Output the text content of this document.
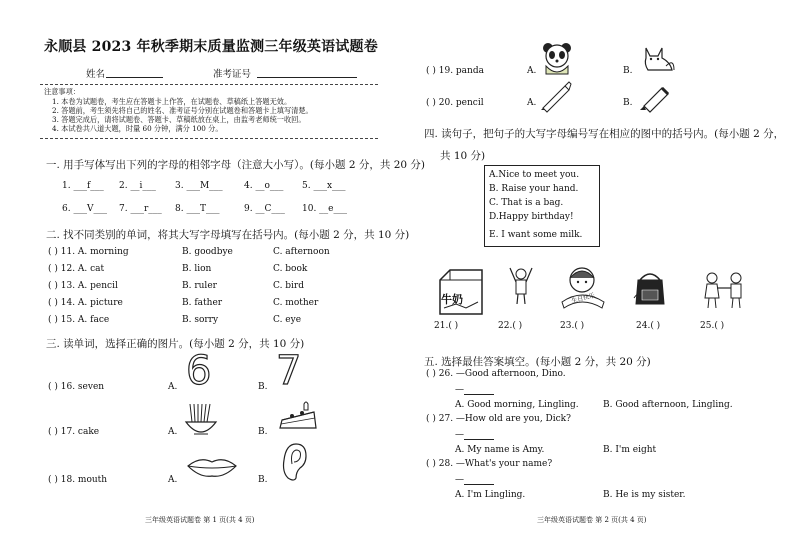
永顺县 2023 年秋季期末质量监测三年级英语试题卷
姓名	准考证号
注意事项：
1. 本卷为试题卷，考生应在答题卡上作答，在试题卷、草稿纸上答题无效。
2. 答题前，考生须先将自己的姓名、准考证号分别在试题卷和答题卡上填写清楚。
3. 答题完成后，请将试题卷、答题卡、草稿纸放在桌上，由监考老师统一收回。
4. 本试卷共八道大题，时量 60 分钟，满分 100 分。
一. 用手写体写出下列的字母的相邻字母（注意大小写）。(每小题 2 分，共 20 分)
1. ___f___ 2. __i___ 3. ___M___ 4. __o___ 5. ___x___
6. ___V___ 7. ___r___ 8. ___T___	9. __C___ 10. __e___
二. 找不同类别的单词，将其大写字母填写在括号内。(每小题 2 分，共 10 分)
( ) 11. A. morning	B. goodbye	C. afternoon
( ) 12. A. cat	B. lion	C. book
( ) 13. A. pencil	B. ruler	C. bird
( ) 14. A. picture	B. father	C. mother
( ) 15. A. face	B. sorry	C. eye
三. 读单词，选择正确的图片。(每小题 2 分，共 10 分)
( ) 16. seven	A. 6	B. 7
( ) 17. cake	A.	B.
( ) 18. mouth	A.	B.
三年级英语试题卷 第 1 页(共 4 页)
( ) 19. panda	A.	B.
( ) 20. pencil	A.	B.
四. 读句子，把句子的大写字母编号写在相应的图中的括号内。(每小题 2 分，
共 10 分)
A.Nice to meet you.
B. Raise your hand.
C. That is a bag.
D.Happy birthday!
E. I want some milk.
牛奶	生日快乐
21.( )	22.( )	23.( )	24.( )	25.( )
五. 选择最佳答案填空。(每小题 2 分，共 20 分)
( ) 26. —Good afternoon, Dino.
—
A. Good morning, Lingling.	B. Good afternoon, Lingling.
( ) 27. —How old are you, Dick?
—
A. My name is Amy.	B. I'm eight
( ) 28. —What's your name?
—
A. I'm Lingling.	B. He is my sister.
三年级英语试题卷 第 2 页(共 4 页)
